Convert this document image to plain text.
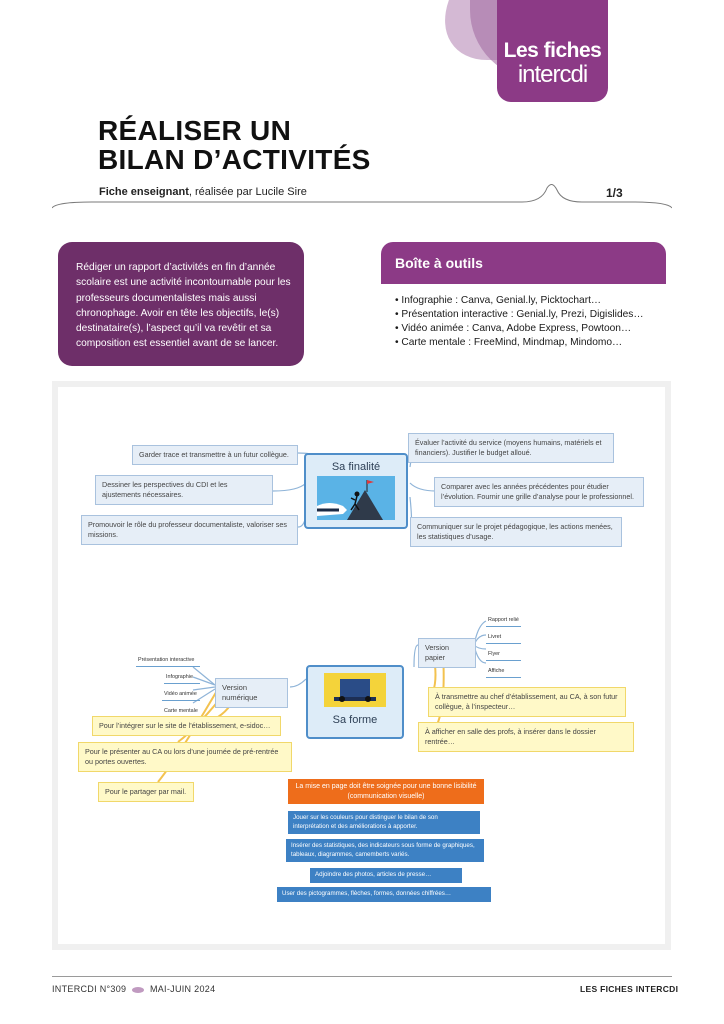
Les fiches
intercdi
RÉALISER UN
BILAN D’ACTIVITÉS
Fiche enseignant, réalisée par Lucile Sire	1/3
Rédiger un rapport d’activités en fin d’année scolaire est une activité incontournable pour les professeurs documentalistes mais aussi chronophage. Avoir en tête les objectifs, le(s) destinataire(s), l’aspect qu’il va revêtir et sa composition est essentiel avant de se lancer.
Boîte à outils
• Infographie : Canva, Genial.ly, Picktochart…
• Présentation interactive : Genial.ly, Prezi, Digislides…
• Vidéo animée : Canva, Adobe Express, Powtoon…
• Carte mentale : FreeMind, Mindmap, Mindomo…
Garder trace et transmettre à un futur collègue.
Dessiner les perspectives du CDI et les ajustements nécessaires.
Promouvoir le rôle du professeur documentaliste, valoriser ses missions.
Sa finalité
Évaluer l’activité du service (moyens humains, matériels et financiers). Justifier le budget alloué.
Comparer avec les années précédentes pour étudier l’évolution. Fournir une grille d’analyse pour le professionnel.
Communiquer sur le projet pédagogique, les actions menées, les statistiques d’usage.
Présentation interactive
Infographie
Vidéo animée
Carte mentale
Version numérique
Pour l’intégrer sur le site de l’établissement, e-sidoc…
Pour le présenter au CA ou lors d’une journée de pré-rentrée ou portes ouvertes.
Pour le partager par mail.
Sa forme
Version papier
Rapport relié
Livret
Flyer
Affiche
À transmettre au chef d’établissement, au CA, à son futur collègue, à l’inspecteur…
À afficher en salle des profs, à insérer dans le dossier rentrée…
La mise en page doit être soignée pour une bonne lisibilité (communication visuelle)
Jouer sur les couleurs pour distinguer le bilan de son interprétation et des améliorations à apporter.
Insérer des statistiques, des indicateurs sous forme de graphiques, tableaux, diagrammes, camemberts variés.
Adjoindre des photos, articles de presse…
User des pictogrammes, flèches, formes, données chiffrées…
INTERCDI N°309	MAI-JUIN 2024	LES FICHES INTERCDI
